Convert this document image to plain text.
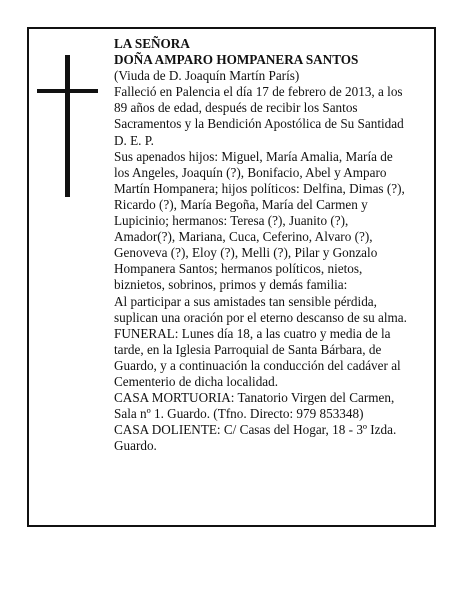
LA SEÑORA
DOÑA AMPARO HOMPANERA SANTOS
(Viuda de D. Joaquín Martín París)
Falleció en Palencia el día 17 de febrero de 2013, a los
89 años de edad, después de recibir los Santos
Sacramentos y la Bendición Apostólica de Su Santidad
D. E. P.
Sus apenados hijos: Miguel, María Amalia, María de
los Angeles, Joaquín (?), Bonifacio, Abel y Amparo
Martín Hompanera; hijos políticos: Delfina, Dimas (?),
Ricardo (?), María Begoña, María del Carmen y
Lupicinio; hermanos: Teresa (?), Juanito (?),
Amador(?), Mariana, Cuca, Ceferino, Alvaro (?),
Genoveva (?), Eloy (?), Melli (?), Pilar y Gonzalo
Hompanera Santos; hermanos políticos, nietos,
biznietos, sobrinos, primos y demás familia:
Al participar a sus amistades tan sensible pérdida,
suplican una oración por el eterno descanso de su alma.
FUNERAL: Lunes día 18, a las cuatro y media de la
tarde, en la Iglesia Parroquial de Santa Bárbara, de
Guardo, y a continuación la conducción del cadáver al
Cementerio de dicha localidad.
CASA MORTUORIA: Tanatorio Virgen del Carmen,
Sala nº 1. Guardo. (Tfno. Directo: 979 853348)
CASA DOLIENTE: C/ Casas del Hogar, 18 - 3º Izda.
Guardo.
